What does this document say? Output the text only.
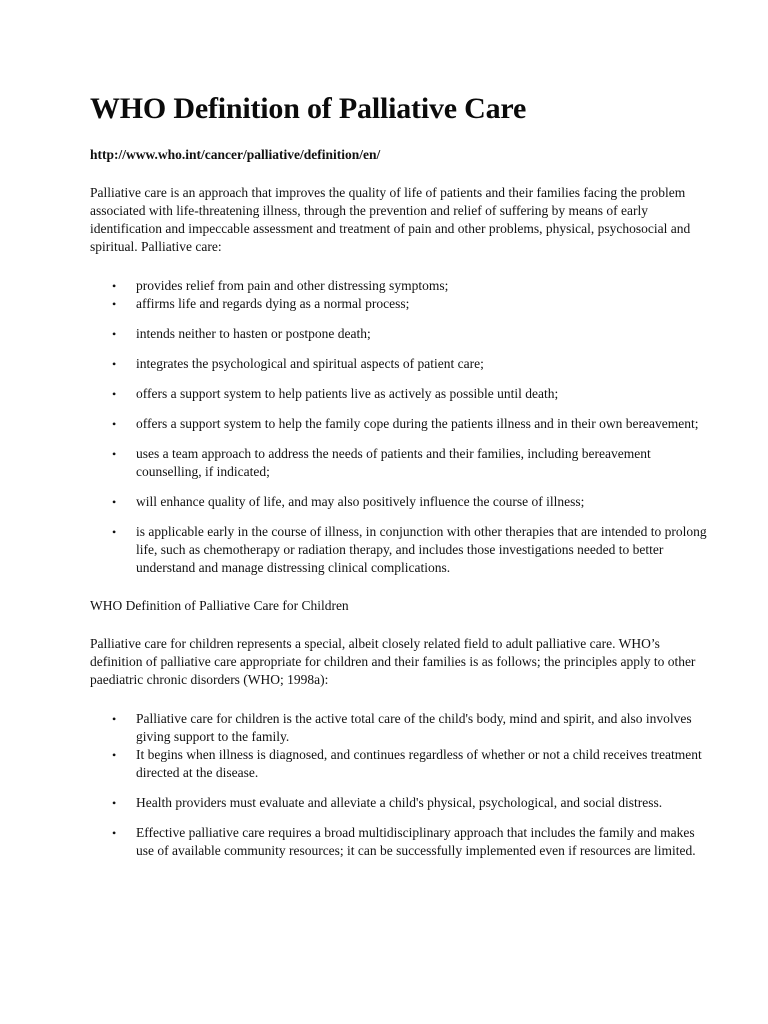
WHO Definition of Palliative Care
http://www.who.int/cancer/palliative/definition/en/

Palliative care is an approach that improves the quality of life of patients and their families facing the problem associated with life-threatening illness, through the prevention and relief of suffering by means of early identification and impeccable assessment and treatment of pain and other problems, physical, psychosocial and spiritual. Palliative care:

• provides relief from pain and other distressing symptoms;
• affirms life and regards dying as a normal process;
• intends neither to hasten or postpone death;
• integrates the psychological and spiritual aspects of patient care;
• offers a support system to help patients live as actively as possible until death;
• offers a support system to help the family cope during the patients illness and in their own bereavement;
• uses a team approach to address the needs of patients and their families, including bereavement counselling, if indicated;
• will enhance quality of life, and may also positively influence the course of illness;
• is applicable early in the course of illness, in conjunction with other therapies that are intended to prolong life, such as chemotherapy or radiation therapy, and includes those investigations needed to better understand and manage distressing clinical complications.

WHO Definition of Palliative Care for Children

Palliative care for children represents a special, albeit closely related field to adult palliative care. WHO’s definition of palliative care appropriate for children and their families is as follows; the principles apply to other paediatric chronic disorders (WHO; 1998a):

• Palliative care for children is the active total care of the child's body, mind and spirit, and also involves giving support to the family.
• It begins when illness is diagnosed, and continues regardless of whether or not a child receives treatment directed at the disease.
• Health providers must evaluate and alleviate a child's physical, psychological, and social distress.
• Effective palliative care requires a broad multidisciplinary approach that includes the family and makes use of available community resources; it can be successfully implemented even if resources are limited.
